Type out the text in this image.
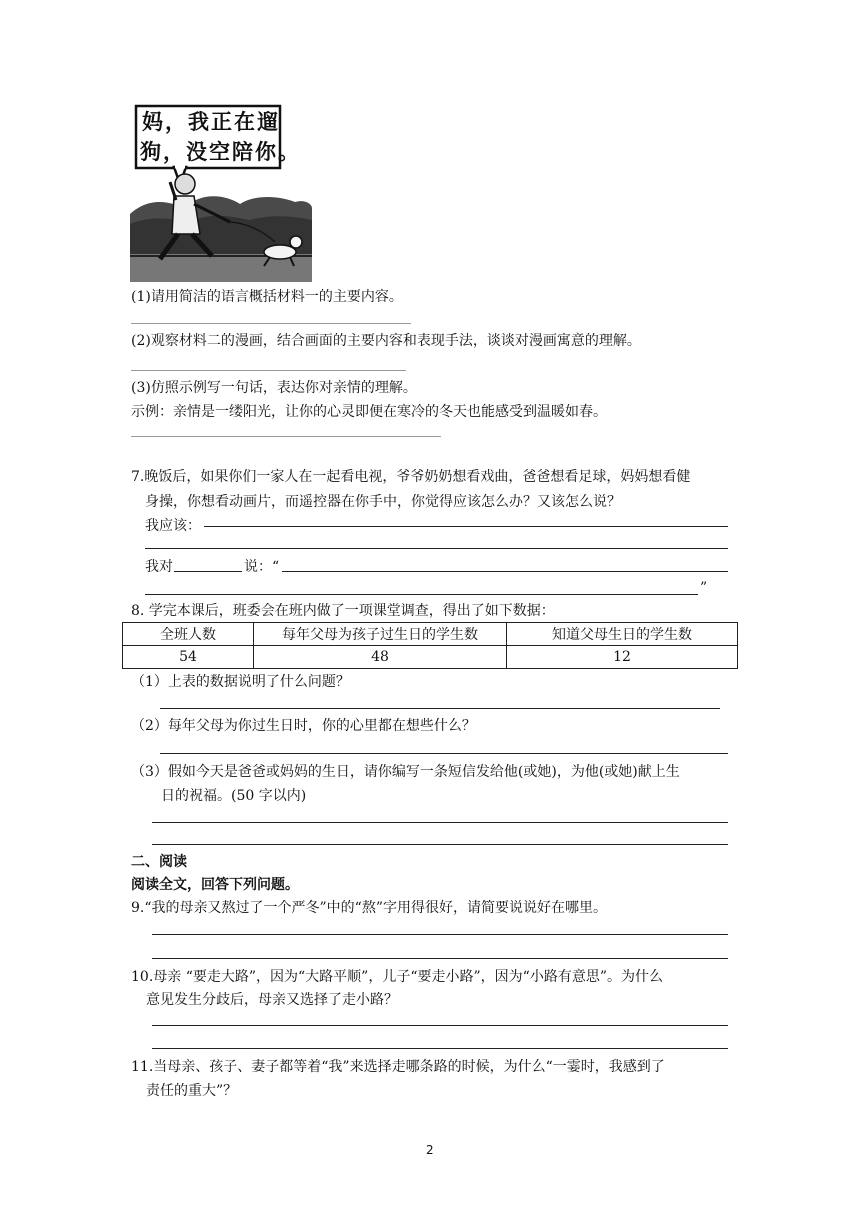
妈，我正在遛
狗，没空陪你。
(1)请用简洁的语言概括材料一的主要内容。
(2)观察材料二的漫画，结合画面的主要内容和表现手法，谈谈对漫画寓意的理解。
(3)仿照示例写一句话，表达你对亲情的理解。
示例：亲情是一缕阳光，让你的心灵即便在寒冷的冬天也能感受到温暖如春。
7.晚饭后，如果你们一家人在一起看电视，爷爷奶奶想看戏曲，爸爸想看足球，妈妈想看健
身操，你想看动画片，而遥控器在你手中，你觉得应该怎么办？又该怎么说？
我应该：
我对	说：“
”
8. 学完本课后，班委会在班内做了一项课堂调查，得出了如下数据：
全班人数	每年父母为孩子过生日的学生数	知道父母生日的学生数
54	48	12
（1）上表的数据说明了什么问题？
（2）每年父母为你过生日时，你的心里都在想些什么？
（3）假如今天是爸爸或妈妈的生日，请你编写一条短信发给他(或她)，为他(或她)献上生
日的祝福。(50 字以内)
二、阅读
阅读全文，回答下列问题。
9.“我的母亲又熬过了一个严冬”中的“熬”字用得很好，请简要说说好在哪里。
10.母亲 “要走大路”，因为“大路平顺”，儿子“要走小路”，因为“小路有意思”。为什么
意见发生分歧后，母亲又选择了走小路？
11.当母亲、孩子、妻子都等着“我”来选择走哪条路的时候，为什么“一霎时，我感到了
责任的重大”？
2
